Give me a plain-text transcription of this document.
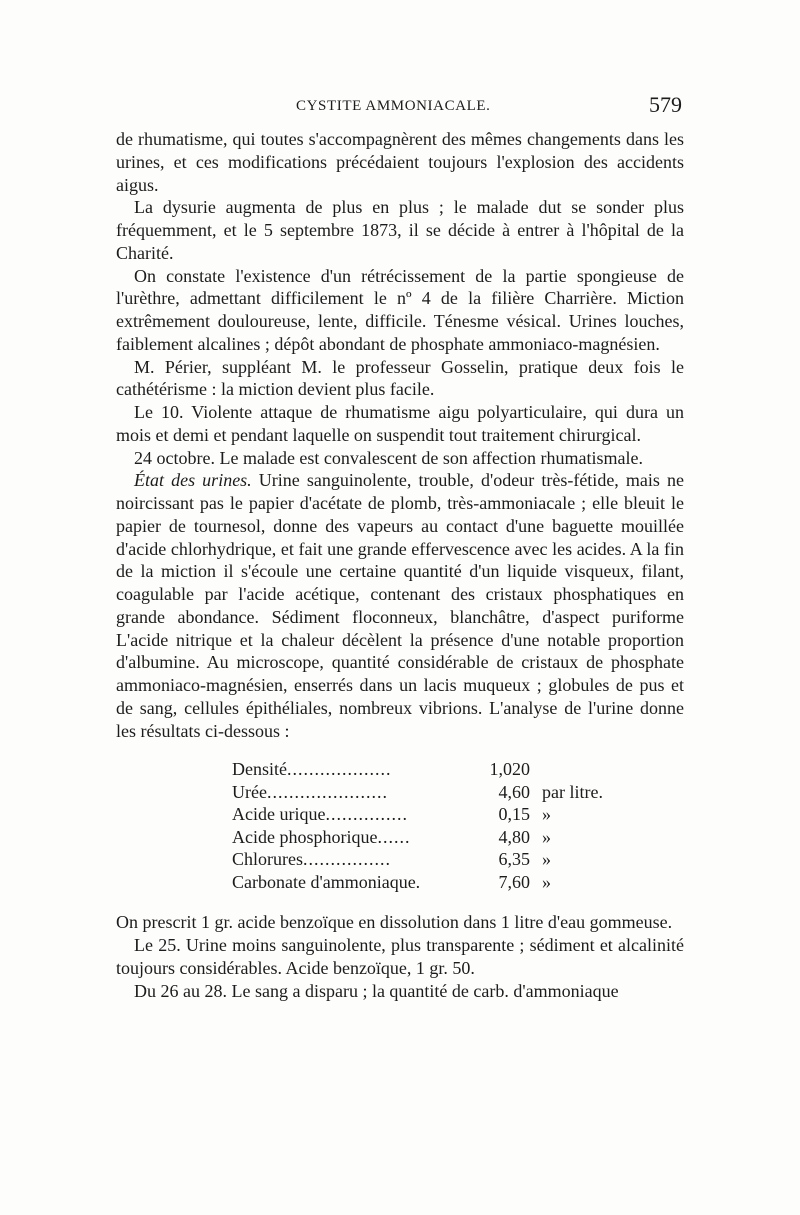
CYSTITE AMMONIACALE.	579

de rhumatisme, qui toutes s'accompagnèrent des mêmes changements dans les urines, et ces modifications précédaient toujours l'explosion des accidents aigus.

La dysurie augmenta de plus en plus ; le malade dut se sonder plus fréquemment, et le 5 septembre 1873, il se décide à entrer à l'hôpital de la Charité.

On constate l'existence d'un rétrécissement de la partie spongieuse de l'urèthre, admettant difficilement le nº 4 de la filière Charrière. Miction extrêmement douloureuse, lente, difficile. Ténesme vésical. Urines louches, faiblement alcalines ; dépôt abondant de phosphate ammoniaco-magnésien.

M. Périer, suppléant M. le professeur Gosselin, pratique deux fois le cathétérisme : la miction devient plus facile.

Le 10. Violente attaque de rhumatisme aigu polyarticulaire, qui dura un mois et demi et pendant laquelle on suspendit tout traitement chirurgical.

24 octobre. Le malade est convalescent de son affection rhumatismale.

État des urines. Urine sanguinolente, trouble, d'odeur très-fétide, mais ne noircissant pas le papier d'acétate de plomb, très-ammoniacale ; elle bleuit le papier de tournesol, donne des vapeurs au contact d'une baguette mouillée d'acide chlorhydrique, et fait une grande effervescence avec les acides. A la fin de la miction il s'écoule une certaine quantité d'un liquide visqueux, filant, coagulable par l'acide acétique, contenant des cristaux phosphatiques en grande abondance. Sédiment floconneux, blanchâtre, d'aspect puriforme L'acide nitrique et la chaleur décèlent la présence d'une notable proportion d'albumine. Au microscope, quantité considérable de cristaux de phosphate ammoniaco-magnésien, enserrés dans un lacis muqueux ; globules de pus et de sang, cellules épithéliales, nombreux vibrions. L'analyse de l'urine donne les résultats ci-dessous :

Densité...................	1,020
Urée......................	4,60 par litre.
Acide urique...............	0,15 »
Acide phosphorique......	4,80 »
Chlorures................	6,35 »
Carbonate d'ammoniaque.	7,60 »

On prescrit 1 gr. acide benzoïque en dissolution dans 1 litre d'eau gommeuse.

Le 25. Urine moins sanguinolente, plus transparente ; sédiment et alcalinité toujours considérables. Acide benzoïque, 1 gr. 50.

Du 26 au 28. Le sang a disparu ; la quantité de carb. d'ammoniaque
